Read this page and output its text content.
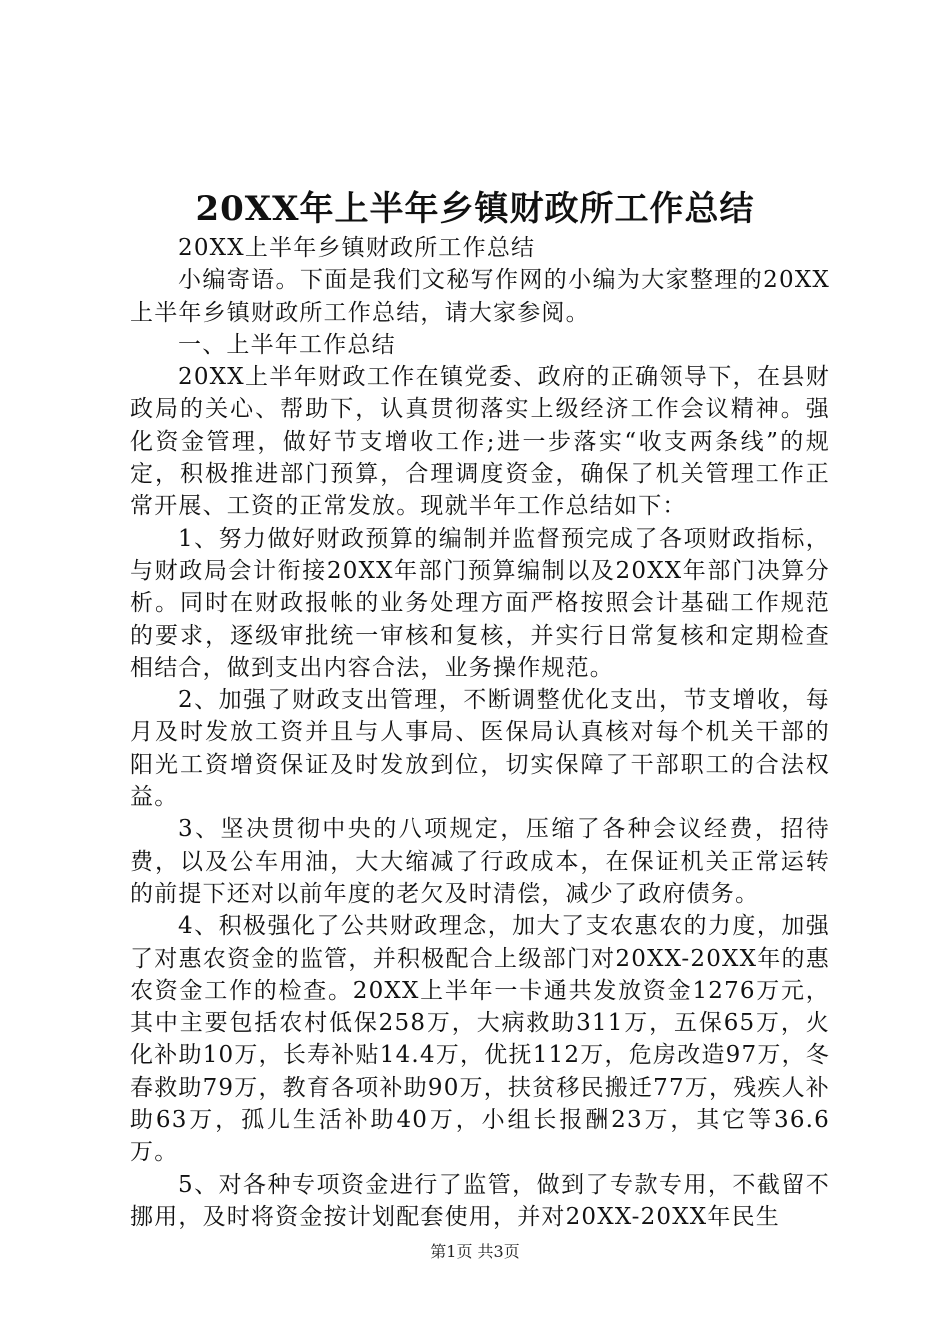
20XX年上半年乡镇财政所工作总结

20XX上半年乡镇财政所工作总结

小编寄语。下面是我们文秘写作网的小编为大家整理的20XX上半年乡镇财政所工作总结，请大家参阅。

一、上半年工作总结

20XX上半年财政工作在镇党委、政府的正确领导下，在县财政局的关心、帮助下，认真贯彻落实上级经济工作会议精神。强化资金管理，做好节支增收工作;进一步落实“收支两条线”的规定，积极推进部门预算，合理调度资金，确保了机关管理工作正常开展、工资的正常发放。现就半年工作总结如下：

1、努力做好财政预算的编制并监督预完成了各项财政指标，与财政局会计衔接20XX年部门预算编制以及20XX年部门决算分析。同时在财政报帐的业务处理方面严格按照会计基础工作规范的要求，逐级审批统一审核和复核，并实行日常复核和定期检查相结合，做到支出内容合法，业务操作规范。

2、加强了财政支出管理，不断调整优化支出，节支增收，每月及时发放工资并且与人事局、医保局认真核对每个机关干部的阳光工资增资保证及时发放到位，切实保障了干部职工的合法权益。

3、坚决贯彻中央的八项规定，压缩了各种会议经费，招待费，以及公车用油，大大缩减了行政成本，在保证机关正常运转的前提下还对以前年度的老欠及时清偿，减少了政府债务。

4、积极强化了公共财政理念，加大了支农惠农的力度，加强了对惠农资金的监管，并积极配合上级部门对20XX-20XX年的惠农资金工作的检查。20XX上半年一卡通共发放资金1276万元，其中主要包括农村低保258万，大病救助311万，五保65万，火化补助10万，长寿补贴14.4万，优抚112万，危房改造97万，冬春救助79万，教育各项补助90万，扶贫移民搬迁77万，残疾人补助63万，孤儿生活补助40万，小组长报酬23万，其它等36.6万。

5、对各种专项资金进行了监管，做到了专款专用，不截留不挪用，及时将资金按计划配套使用，并对20XX-20XX年民生

第1页 共3页
